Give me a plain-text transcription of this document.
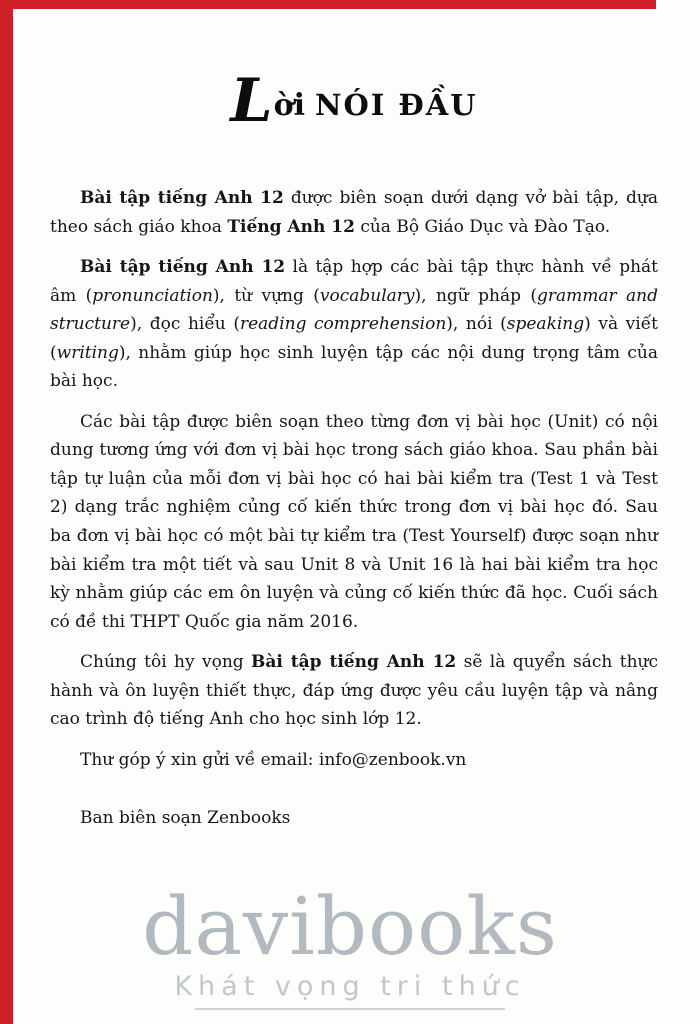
Lời NÓI ĐẦU

Bài tập tiếng Anh 12 được biên soạn dưới dạng vở bài tập, dựa theo sách giáo khoa Tiếng Anh 12 của Bộ Giáo Dục và Đào Tạo.

Bài tập tiếng Anh 12 là tập hợp các bài tập thực hành về phát âm (pronunciation), từ vựng (vocabulary), ngữ pháp (grammar and structure), đọc hiểu (reading comprehension), nói (speaking) và viết (writing), nhằm giúp học sinh luyện tập các nội dung trọng tâm của bài học.

Các bài tập được biên soạn theo từng đơn vị bài học (Unit) có nội dung tương ứng với đơn vị bài học trong sách giáo khoa. Sau phần bài tập tự luận của mỗi đơn vị bài học có hai bài kiểm tra (Test 1 và Test 2) dạng trắc nghiệm củng cố kiến thức trong đơn vị bài học đó. Sau ba đơn vị bài học có một bài tự kiểm tra (Test Yourself) được soạn như bài kiểm tra một tiết và sau Unit 8 và Unit 16 là hai bài kiểm tra học kỳ nhằm giúp các em ôn luyện và củng cố kiến thức đã học. Cuối sách có đề thi THPT Quốc gia năm 2016.

Chúng tôi hy vọng Bài tập tiếng Anh 12 sẽ là quyển sách thực hành và ôn luyện thiết thực, đáp ứng được yêu cầu luyện tập và nâng cao trình độ tiếng Anh cho học sinh lớp 12.

Thư góp ý xin gửi về email: info@zenbook.vn

Ban biên soạn Zenbooks

davibooks
Khát vọng tri thức
